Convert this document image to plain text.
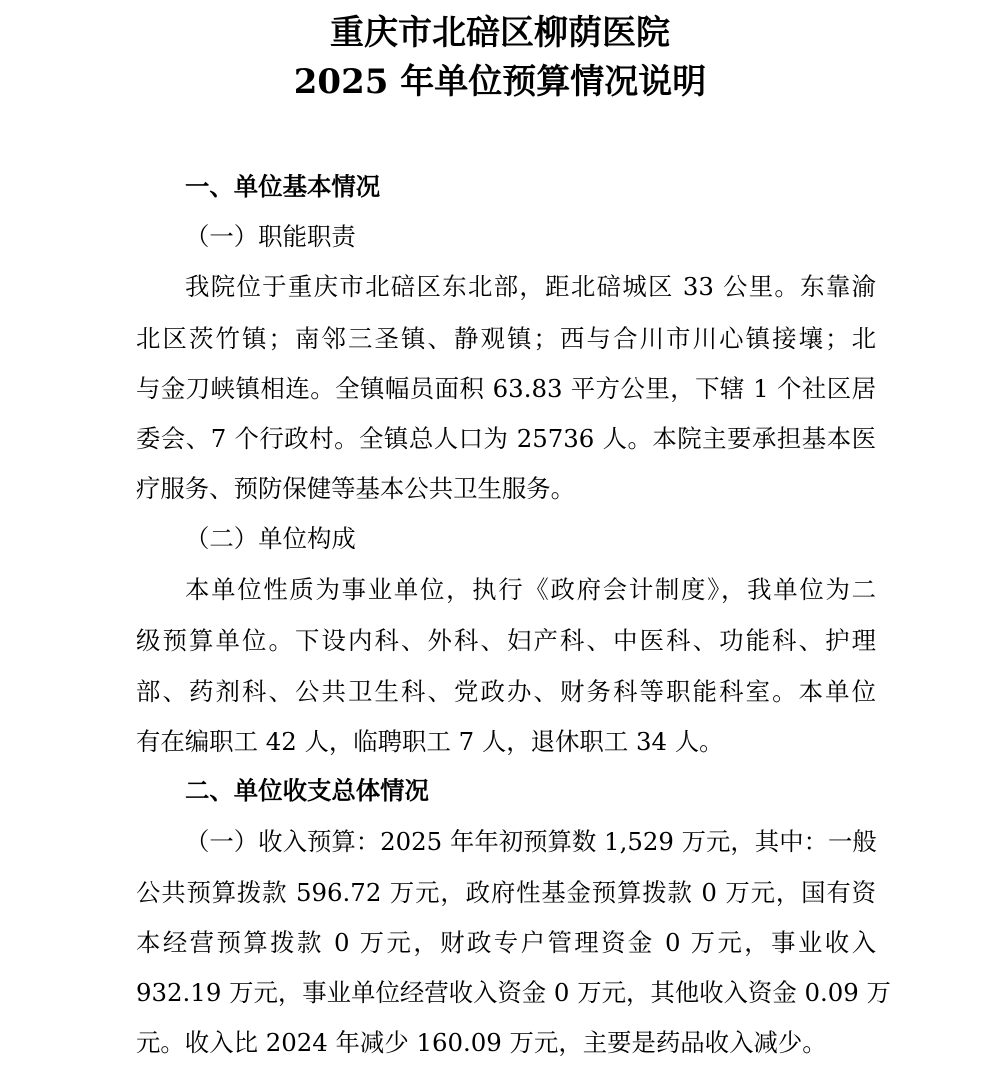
重庆市北碚区柳荫医院
2025 年单位预算情况说明

一、单位基本情况

（一）职能职责

我院位于重庆市北碚区东北部，距北碚城区 33 公里。东靠渝

北区茨竹镇；南邻三圣镇、静观镇；西与合川市川心镇接壤；北

与金刀峡镇相连。全镇幅员面积 63.83 平方公里，下辖 1 个社区居

委会、7 个行政村。全镇总人口为 25736 人。本院主要承担基本医

疗服务、预防保健等基本公共卫生服务。

（二）单位构成

本单位性质为事业单位，执行《政府会计制度》，我单位为二

级预算单位。下设内科、外科、妇产科、中医科、功能科、护理

部、药剂科、公共卫生科、党政办、财务科等职能科室。本单位

有在编职工 42 人，临聘职工 7 人，退休职工 34 人。

二、单位收支总体情况

（一）收入预算：2025 年年初预算数 1,529 万元，其中：一般

公共预算拨款 596.72 万元，政府性基金预算拨款 0 万元，国有资

本经营预算拨款 0 万元，财政专户管理资金 0 万元，事业收入

932.19 万元，事业单位经营收入资金 0 万元，其他收入资金 0.09 万

元。收入比 2024 年减少 160.09 万元，主要是药品收入减少。
